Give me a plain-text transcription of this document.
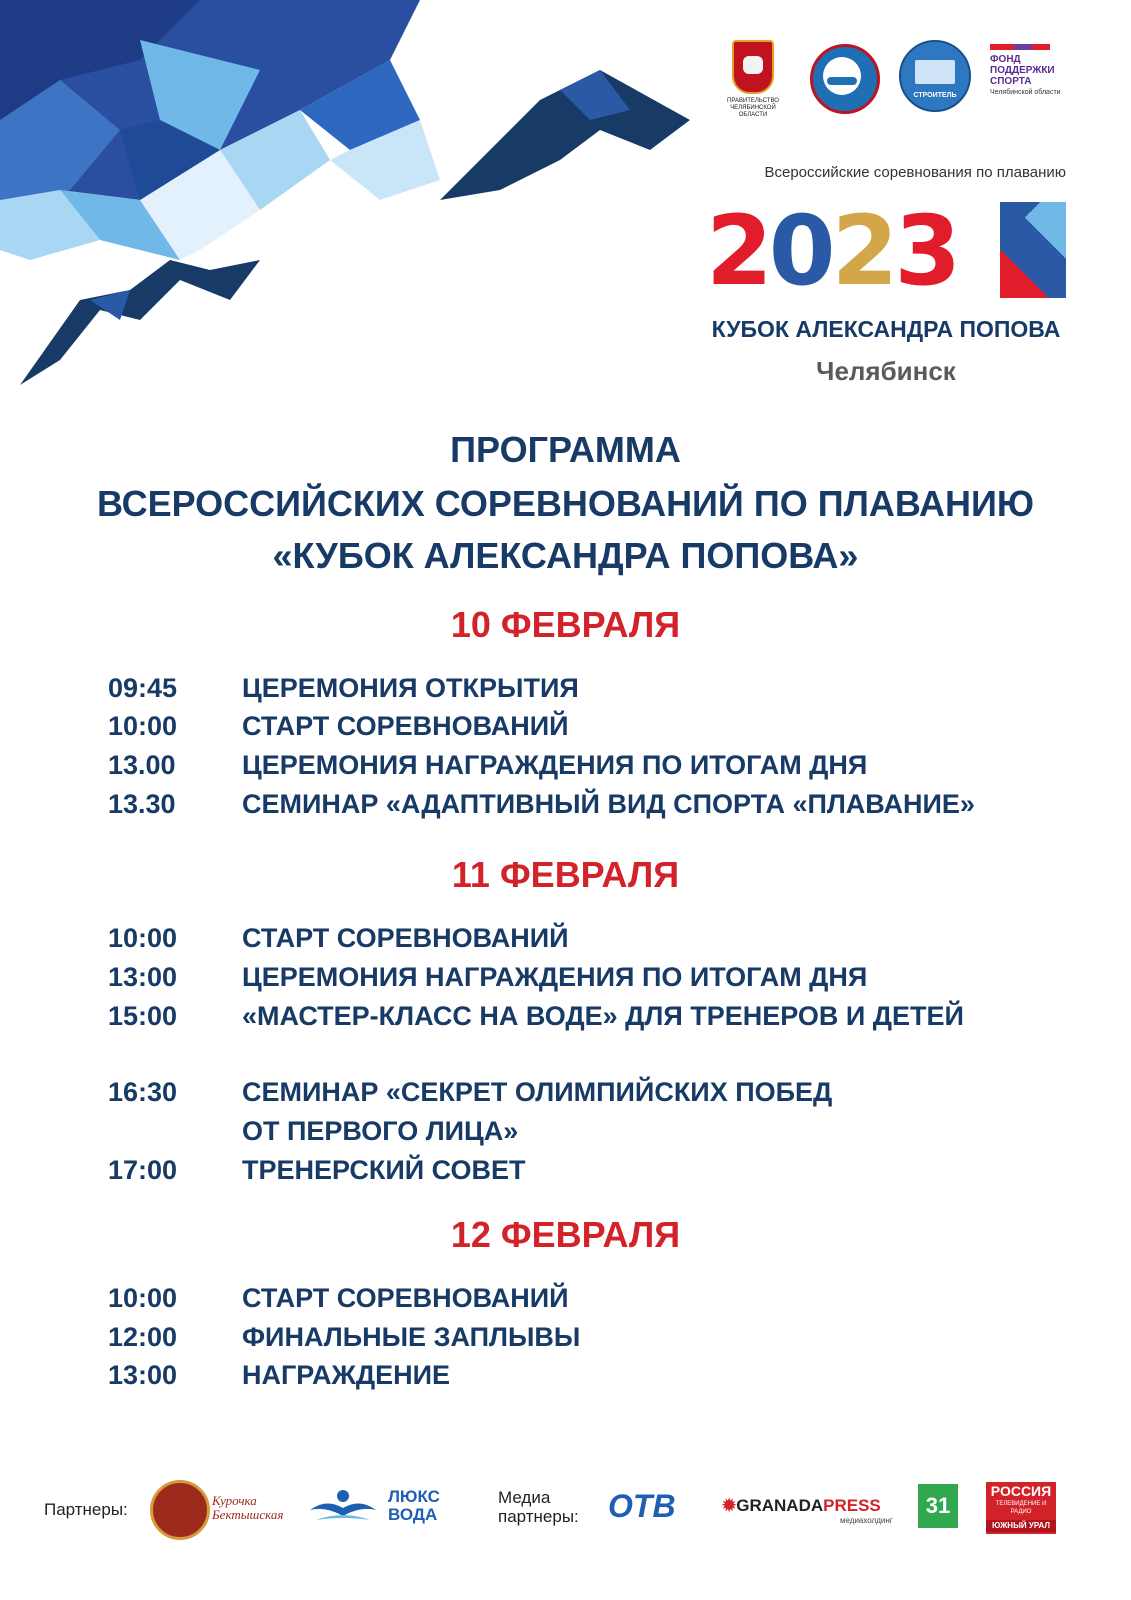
ПРАВИТЕЛЬСТВО ЧЕЛЯБИНСКОЙ ОБЛАСТИ
СТРОИТЕЛЬ
ФОНД ПОДДЕРЖКИ СПОРТА
Челябинской области
Всероссийские соревнования по плаванию
2023
КУБОК АЛЕКСАНДРА ПОПОВА
Челябинск
ПРОГРАММА
ВСЕРОССИЙСКИХ СОРЕВНОВАНИЙ ПО ПЛАВАНИЮ
«КУБОК АЛЕКСАНДРА ПОПОВА»
10 ФЕВРАЛЯ
09:45 ЦЕРЕМОНИЯ ОТКРЫТИЯ
10:00 СТАРТ СОРЕВНОВАНИЙ
13.00 ЦЕРЕМОНИЯ НАГРАЖДЕНИЯ ПО ИТОГАМ ДНЯ
13.30 СЕМИНАР «АДАПТИВНЫЙ ВИД СПОРТА «ПЛАВАНИЕ»
11 ФЕВРАЛЯ
10:00 СТАРТ СОРЕВНОВАНИЙ
13:00 ЦЕРЕМОНИЯ НАГРАЖДЕНИЯ ПО ИТОГАМ ДНЯ
15:00 «МАСТЕР-КЛАСС НА ВОДЕ» ДЛЯ ТРЕНЕРОВ И ДЕТЕЙ
16:30 СЕМИНАР «СЕКРЕТ ОЛИМПИЙСКИХ ПОБЕД
ОТ ПЕРВОГО ЛИЦА»
17:00 ТРЕНЕРСКИЙ СОВЕТ
12 ФЕВРАЛЯ
10:00 СТАРТ СОРЕВНОВАНИЙ
12:00 ФИНАЛЬНЫЕ ЗАПЛЫВЫ
13:00 НАГРАЖДЕНИЕ
Партнеры:	Курочка Бектышская
ЛЮКС
ВОДА
Медиа
партнеры: ОТВ	✹GRANADAPRESS
медиахолдинг
31
РОССИЯ
ТЕЛЕВИДЕНИЕ И РАДИО
ЮЖНЫЙ УРАЛ
